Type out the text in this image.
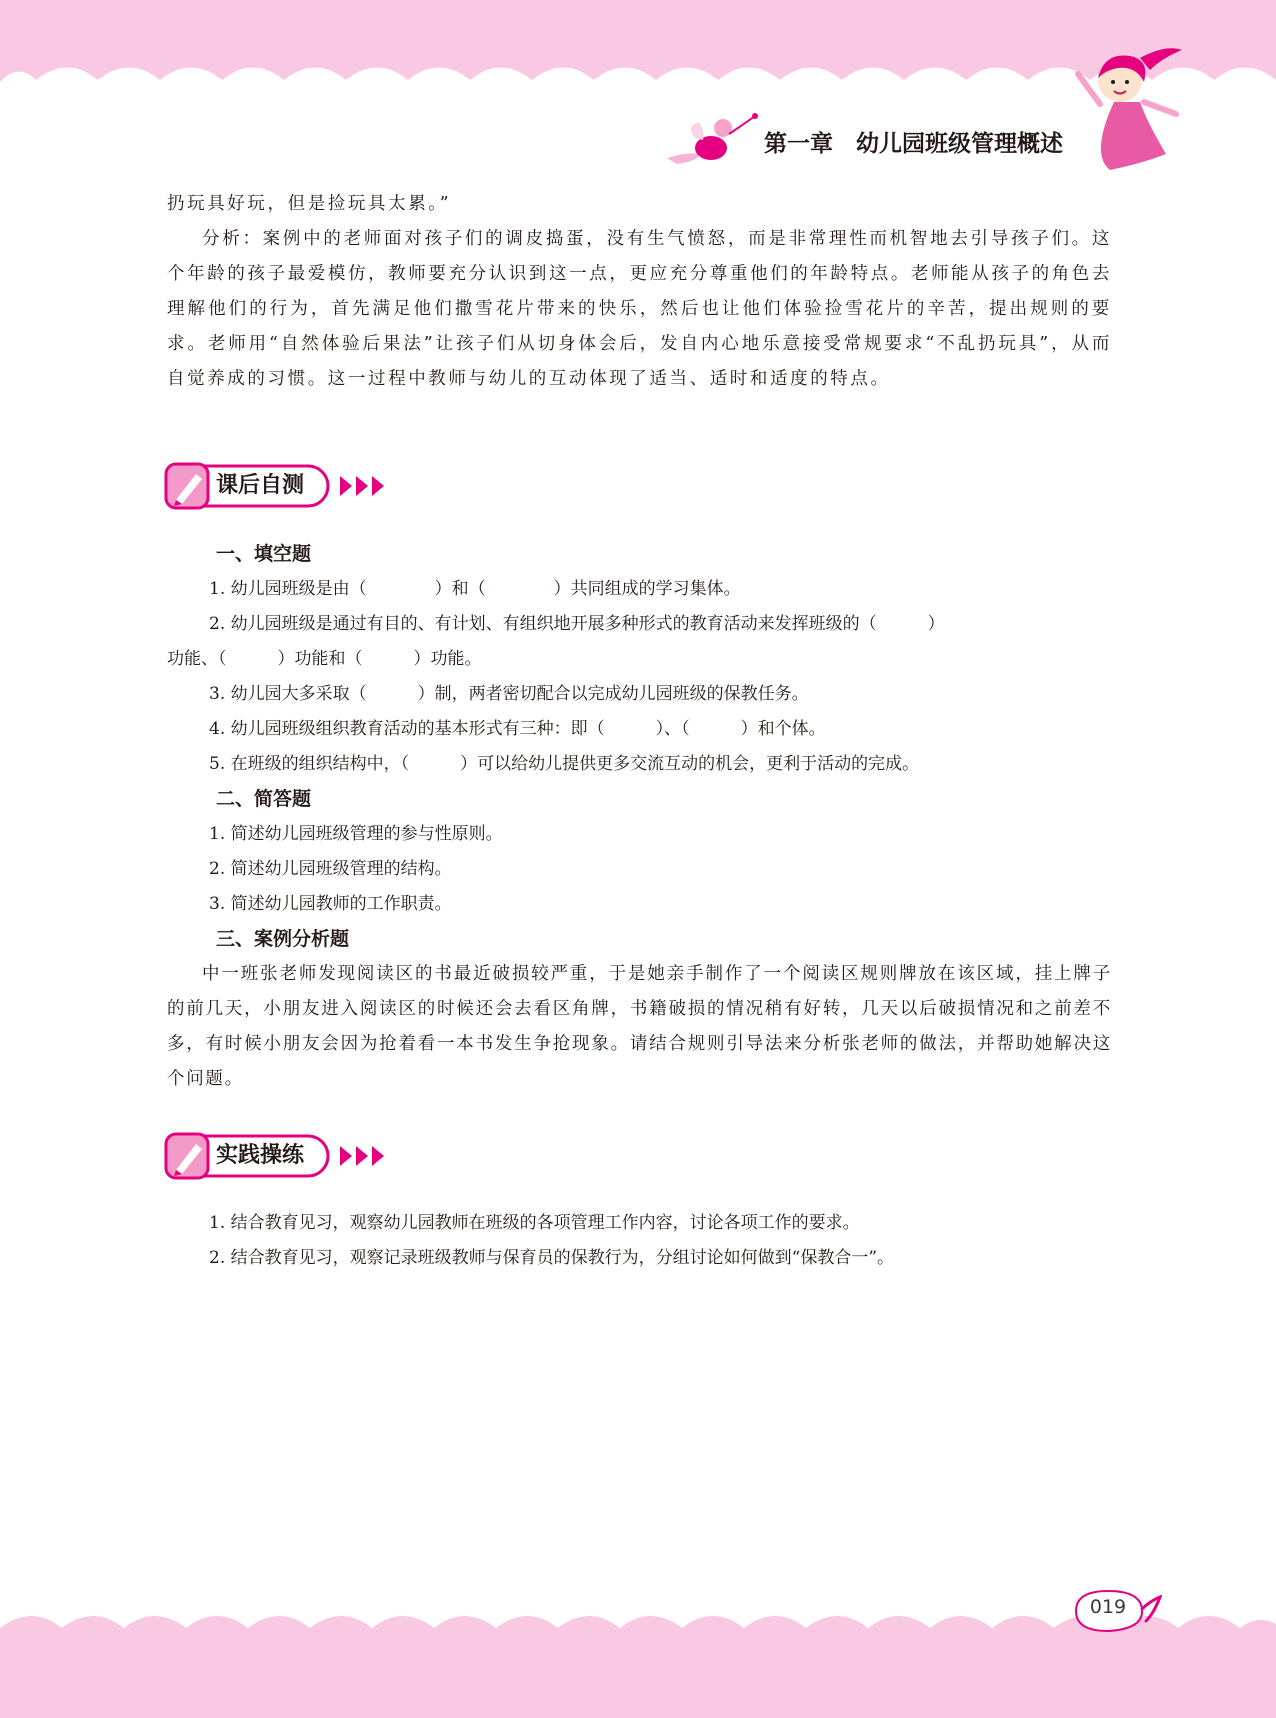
第一章　幼儿园班级管理概述

扔玩具好玩，但是捡玩具太累。”

分析：案例中的老师面对孩子们的调皮捣蛋，没有生气愤怒，而是非常理性而机智地去引导孩子们。这个年龄的孩子最爱模仿，教师要充分认识到这一点，更应充分尊重他们的年龄特点。老师能从孩子的角色去理解他们的行为，首先满足他们撒雪花片带来的快乐，然后也让他们体验捡雪花片的辛苦，提出规则的要求。老师用“自然体验后果法”让孩子们从切身体会后，发自内心地乐意接受常规要求“不乱扔玩具”，从而自觉养成的习惯。这一过程中教师与幼儿的互动体现了适当、适时和适度的特点。

课后自测

一、填空题

1. 幼儿园班级是由（　　　　）和（　　　　）共同组成的学习集体。

2. 幼儿园班级是通过有目的、有计划、有组织地开展多种形式的教育活动来发挥班级的（　　　）

功能、（　　　）功能和（　　　）功能。

3. 幼儿园大多采取（　　　）制，两者密切配合以完成幼儿园班级的保教任务。

4. 幼儿园班级组织教育活动的基本形式有三种：即（　　　）、（　　　）和个体。

5. 在班级的组织结构中，（　　　）可以给幼儿提供更多交流互动的机会，更利于活动的完成。

二、简答题

1. 简述幼儿园班级管理的参与性原则。

2. 简述幼儿园班级管理的结构。

3. 简述幼儿园教师的工作职责。

三、案例分析题

中一班张老师发现阅读区的书最近破损较严重，于是她亲手制作了一个阅读区规则牌放在该区域，挂上牌子的前几天，小朋友进入阅读区的时候还会去看区角牌，书籍破损的情况稍有好转，几天以后破损情况和之前差不多，有时候小朋友会因为抢着看一本书发生争抢现象。请结合规则引导法来分析张老师的做法，并帮助她解决这个问题。

实践操练

1. 结合教育见习，观察幼儿园教师在班级的各项管理工作内容，讨论各项工作的要求。

2. 结合教育见习，观察记录班级教师与保育员的保教行为，分组讨论如何做到“保教合一”。

019
